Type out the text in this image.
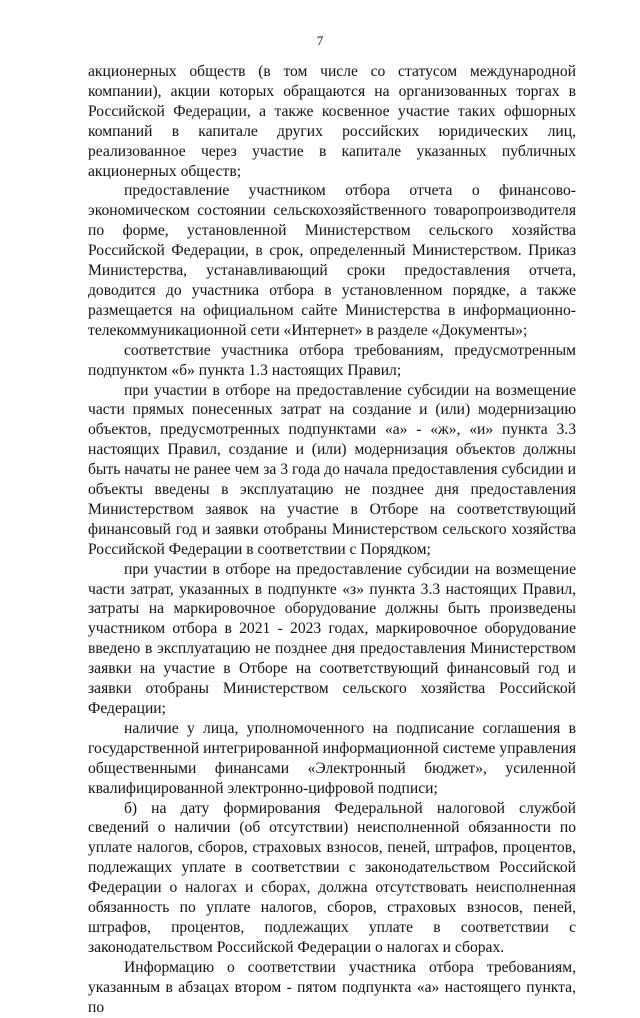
7

акционерных обществ (в том числе со статусом международной компании), акции которых обращаются на организованных торгах в Российской Федерации, а также косвенное участие таких офшорных компаний в капитале других российских юридических лиц, реализованное через участие в капитале указанных публичных акционерных обществ;

предоставление участником отбора отчета о финансово-экономическом состоянии сельскохозяйственного товаропроизводителя по форме, установленной Министерством сельского хозяйства Российской Федерации, в срок, определенный Министерством. Приказ Министерства, устанавливающий сроки предоставления отчета, доводится до участника отбора в установленном порядке, а также размещается на официальном сайте Министерства в информационно-телекоммуникационной сети «Интернет» в разделе «Документы»;

соответствие участника отбора требованиям, предусмотренным подпунктом «б» пункта 1.3 настоящих Правил;

при участии в отборе на предоставление субсидии на возмещение части прямых понесенных затрат на создание и (или) модернизацию объектов, предусмотренных подпунктами «а» - «ж», «и» пункта 3.3 настоящих Правил, создание и (или) модернизация объектов должны быть начаты не ранее чем за 3 года до начала предоставления субсидии и объекты введены в эксплуатацию не позднее дня предоставления Министерством заявок на участие в Отборе на соответствующий финансовый год и заявки отобраны Министерством сельского хозяйства Российской Федерации в соответствии с Порядком;

при участии в отборе на предоставление субсидии на возмещение части затрат, указанных в подпункте «з» пункта 3.3 настоящих Правил, затраты на маркировочное оборудование должны быть произведены участником отбора в 2021 - 2023 годах, маркировочное оборудование введено в эксплуатацию не позднее дня предоставления Министерством заявки на участие в Отборе на соответствующий финансовый год и заявки отобраны Министерством сельского хозяйства Российской Федерации;

наличие у лица, уполномоченного на подписание соглашения в государственной интегрированной информационной системе управления общественными финансами «Электронный бюджет», усиленной квалифицированной электронно-цифровой подписи;

б) на дату формирования Федеральной налоговой службой сведений о наличии (об отсутствии) неисполненной обязанности по уплате налогов, сборов, страховых взносов, пеней, штрафов, процентов, подлежащих уплате в соответствии с законодательством Российской Федерации о налогах и сборах, должна отсутствовать неисполненная обязанность по уплате налогов, сборов, страховых взносов, пеней, штрафов, процентов, подлежащих уплате в соответствии с законодательством Российской Федерации о налогах и сборах.

Информацию о соответствии участника отбора требованиям, указанным в абзацах втором - пятом подпункта «а» настоящего пункта, по
